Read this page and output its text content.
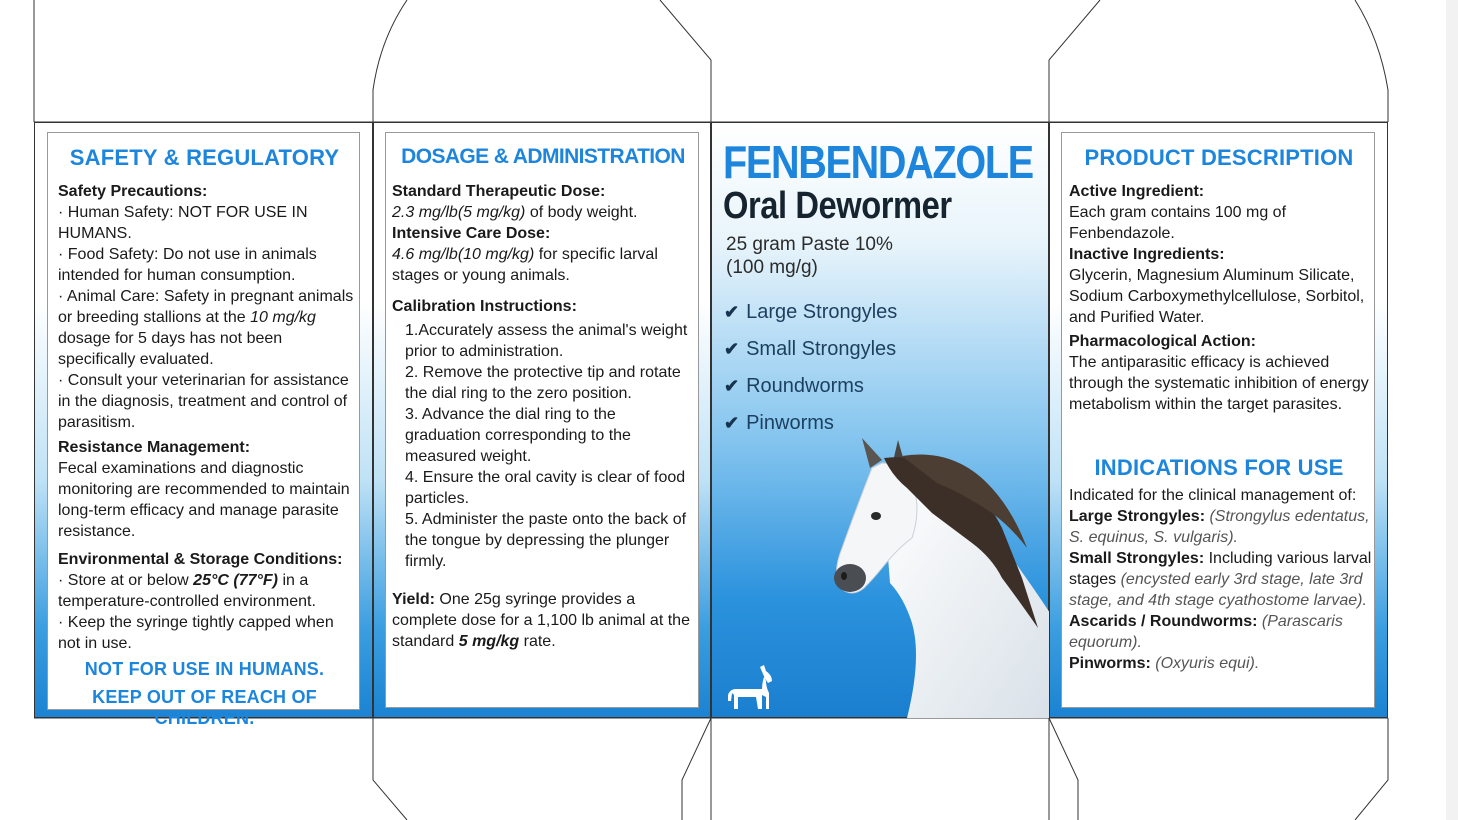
SAFETY & REGULATORY
Safety Precautions:
· Human Safety: NOT FOR USE IN HUMANS.
· Food Safety: Do not use in animals intended for human consumption.
· Animal Care: Safety in pregnant animals or breeding stallions at the 10 mg/kg dosage for 5 days has not been specifically evaluated.
· Consult your veterinarian for assistance in the diagnosis, treatment and control of parasitism.
Resistance Management:
Fecal examinations and diagnostic monitoring are recommended to maintain long-term efficacy and manage parasite resistance.
Environmental & Storage Conditions:
· Store at or below 25°C (77°F) in a temperature-controlled environment.
· Keep the syringe tightly capped when not in use.
NOT FOR USE IN HUMANS.
KEEP OUT OF REACH OF CHILDREN.
DOSAGE & ADMINISTRATION
Standard Therapeutic Dose:
2.3 mg/lb(5 mg/kg) of body weight.
Intensive Care Dose:
4.6 mg/lb(10 mg/kg) for specific larval stages or young animals.
Calibration Instructions:
1.Accurately assess the animal's weight prior to administration.
2. Remove the protective tip and rotate the dial ring to the zero position.
3. Advance the dial ring to the graduation corresponding to the measured weight.
4. Ensure the oral cavity is clear of food particles.
5. Administer the paste onto the back of the tongue by depressing the plunger firmly.
Yield: One 25g syringe provides a complete dose for a 1,100 lb animal at the standard 5 mg/kg rate.
FENBENDAZOLE
Oral Dewormer
25 gram Paste 10%
(100 mg/g)
✔ Large Strongyles
✔ Small Strongyles
✔ Roundworms
✔ Pinworms
PRODUCT DESCRIPTION
Active Ingredient:
Each gram contains 100 mg of Fenbendazole.
Inactive Ingredients:
Glycerin, Magnesium Aluminum Silicate, Sodium Carboxymethylcellulose, Sorbitol, and Purified Water.
Pharmacological Action:
The antiparasitic efficacy is achieved through the systematic inhibition of energy metabolism within the target parasites.
INDICATIONS FOR USE
Indicated for the clinical management of:
Large Strongyles: (Strongylus edentatus, S. equinus, S. vulgaris).
Small Strongyles: Including various larval stages (encysted early 3rd stage, late 3rd stage, and 4th stage cyathostome larvae).
Ascarids / Roundworms: (Parascaris equorum).
Pinworms: (Oxyuris equi).
